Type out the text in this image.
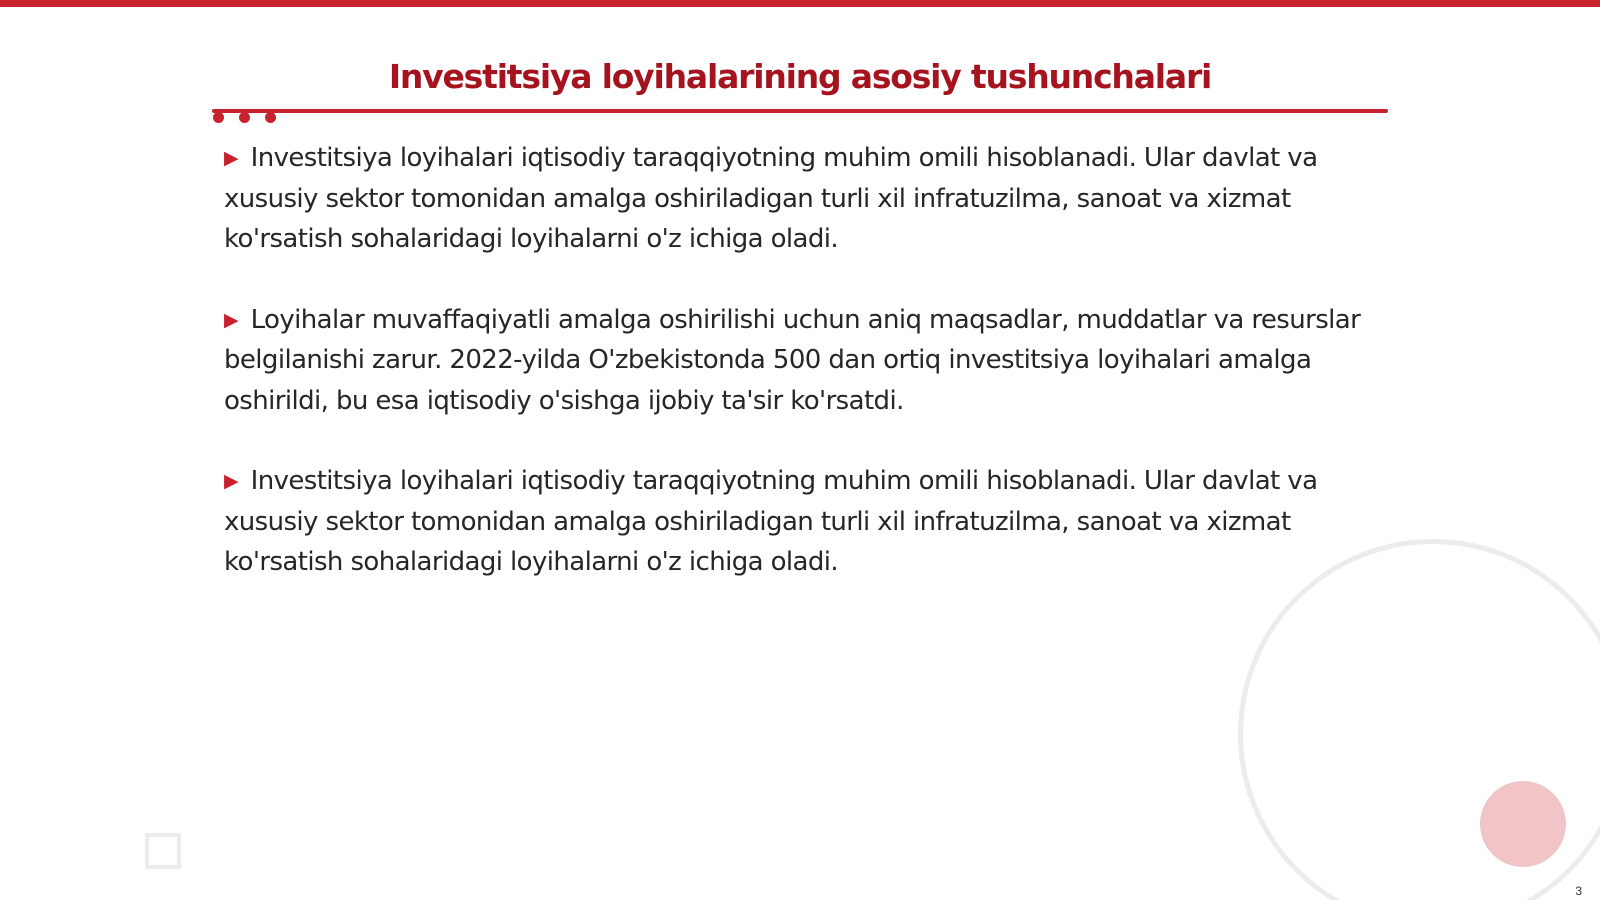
Investitsiya loyihalarining asosiy tushunchalari

▶ Investitsiya loyihalari iqtisodiy taraqqiyotning muhim omili hisoblanadi. Ular davlat va xususiy sektor tomonidan amalga oshiriladigan turli xil infratuzilma, sanoat va xizmat ko'rsatish sohalaridagi loyihalarni o'z ichiga oladi.

▶ Loyihalar muvaffaqiyatli amalga oshirilishi uchun aniq maqsadlar, muddatlar va resurslar belgilanishi zarur. 2022-yilda O'zbekistonda 500 dan ortiq investitsiya loyihalari amalga oshirildi, bu esa iqtisodiy o'sishga ijobiy ta'sir ko'rsatdi.

▶ Investitsiya loyihalari iqtisodiy taraqqiyotning muhim omili hisoblanadi. Ular davlat va xususiy sektor tomonidan amalga oshiriladigan turli xil infratuzilma, sanoat va xizmat ko'rsatish sohalaridagi loyihalarni o'z ichiga oladi.

3
